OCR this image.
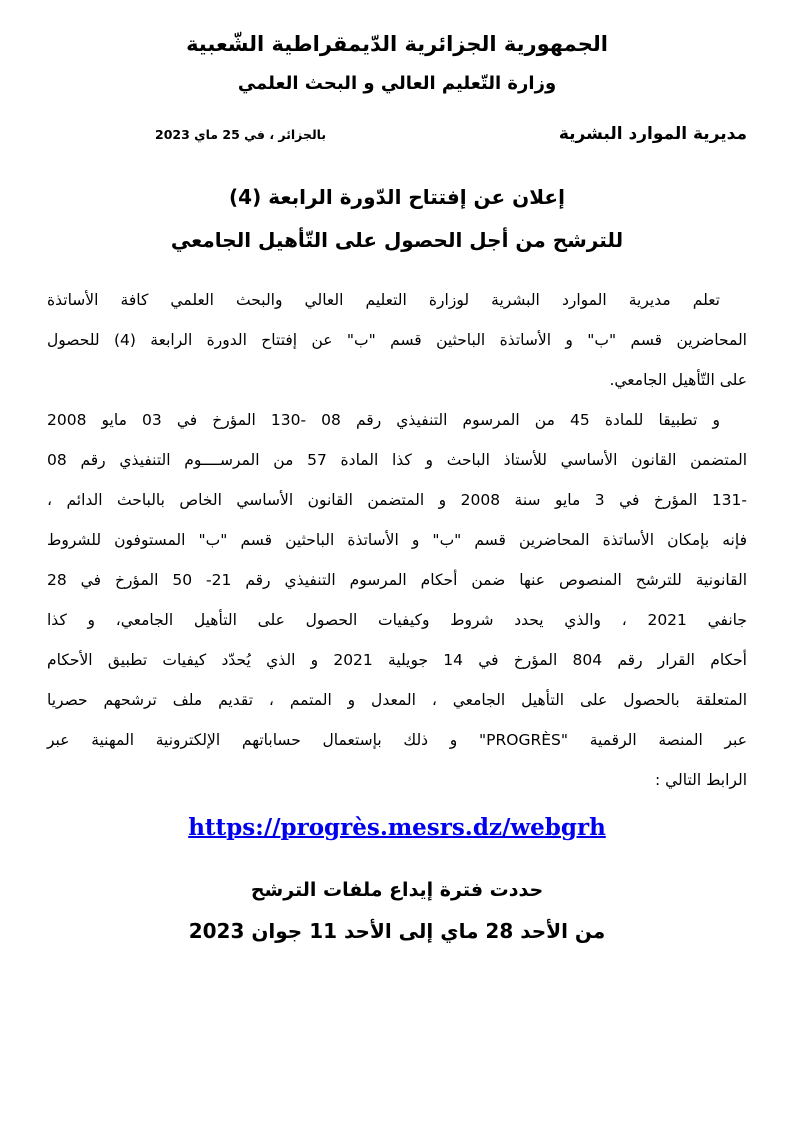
الجمهورية الجزائرية الدّيمقراطية الشّعبية
وزارة التّعليم العالي و البحث العلمي
مديرية الموارد البشرية
بالجزائر ، في 25 ماي 2023
إعلان عن إفتتاح الدّورة الرابعة (4)
للترشح من أجل الحصول على التّأهيل الجامعي
تعلم مديرية الموارد البشرية لوزارة التعليم العالي والبحث العلمي كافة الأساتذة
المحاضرين قسم "ب" و الأساتذة الباحثين قسم "ب" عن إفتتاح الدورة الرابعة (4) للحصول
على التّأهيل الجامعي.
و تطبيقا للمادة 45 من المرسوم التنفيذي رقم 08 -130 المؤرخ في 03 مايو 2008
المتضمن القانون الأساسي للأستاذ الباحث و كذا المادة 57 من المرســــوم التنفيذي رقم 08
-131 المؤرخ في 3 مايو سنة 2008 و المتضمن القانون الأساسي الخاص بالباحث الدائم ،
فإنه بإمكان الأساتذة المحاضرين قسم "ب" و الأساتذة الباحثين قسم "ب" المستوفون للشروط
القانونية للترشح المنصوص عنها ضمن أحكام المرسوم التنفيذي رقم 21- 50 المؤرخ في 28
جانفي 2021 ، والذي يحدد شروط وكيفيات الحصول على التأهيل الجامعي، و كذا
أحكام القرار رقم 804 المؤرخ في 14 جويلية 2021 و الذي يُحدّد كيفيات تطبيق الأحكام
المتعلقة بالحصول على التأهيل الجامعي ، المعدل و المتمم ، تقديم ملف ترشحهم حصريا
عبر المنصة الرقمية "PROGRÈS" و ذلك بإستعمال حساباتهم الإلكترونية المهنية عبر
الرابط التالي :
https://progrès.mesrs.dz/webgrh
حددت فترة إيداع ملفات الترشح
من الأحد 28 ماي إلى الأحد 11 جوان 2023
